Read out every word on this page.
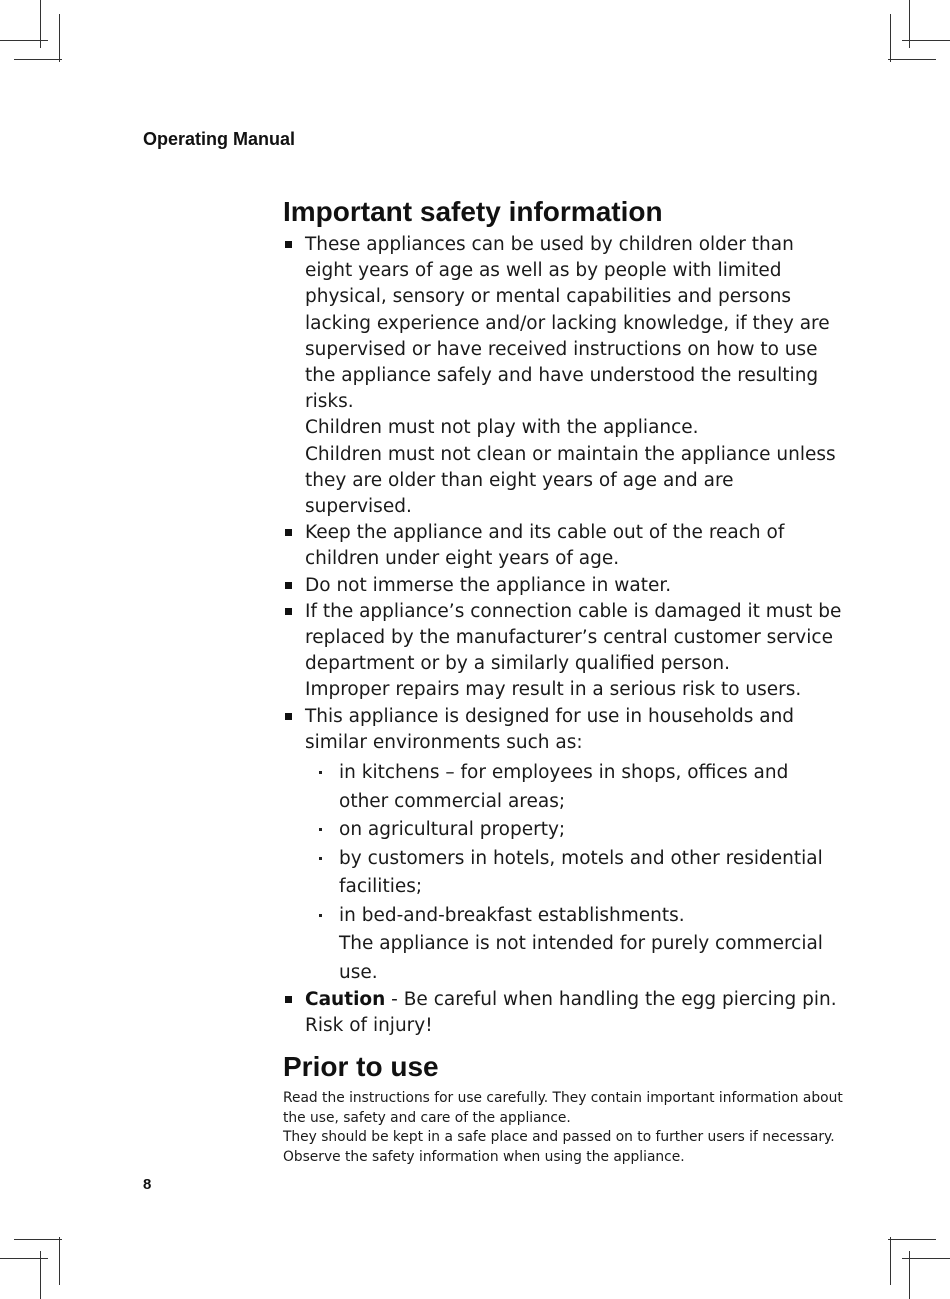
Operating Manual
Important safety information
These appliances can be used by children older than eight years of age as well as by people with limited physical, sensory or mental capabilities and persons lacking experience and/or lacking knowledge, if they are supervised or have received instructions on how to use the appliance safely and have understood the resulting risks.
Children must not play with the appliance.
Children must not clean or maintain the appliance unless they are older than eight years of age and are supervised.
Keep the appliance and its cable out of the reach of children under eight years of age.
Do not immerse the appliance in water.
If the appliance’s connection cable is damaged it must be replaced by the manufacturer’s central customer service department or by a similarly qualified person.
Improper repairs may result in a serious risk to users.
This appliance is designed for use in households and similar environments such as:
in kitchens – for employees in shops, offices and other commercial areas;
on agricultural property;
by customers in hotels, motels and other residential facilities;
in bed-and-breakfast establishments.
The appliance is not intended for purely commercial use.
Caution - Be careful when handling the egg piercing pin. Risk of injury!
Prior to use

Read the instructions for use carefully. They contain important information about the use, safety and care of the appliance.

They should be kept in a safe place and passed on to further users if necessary.

Observe the safety information when using the appliance.

8
